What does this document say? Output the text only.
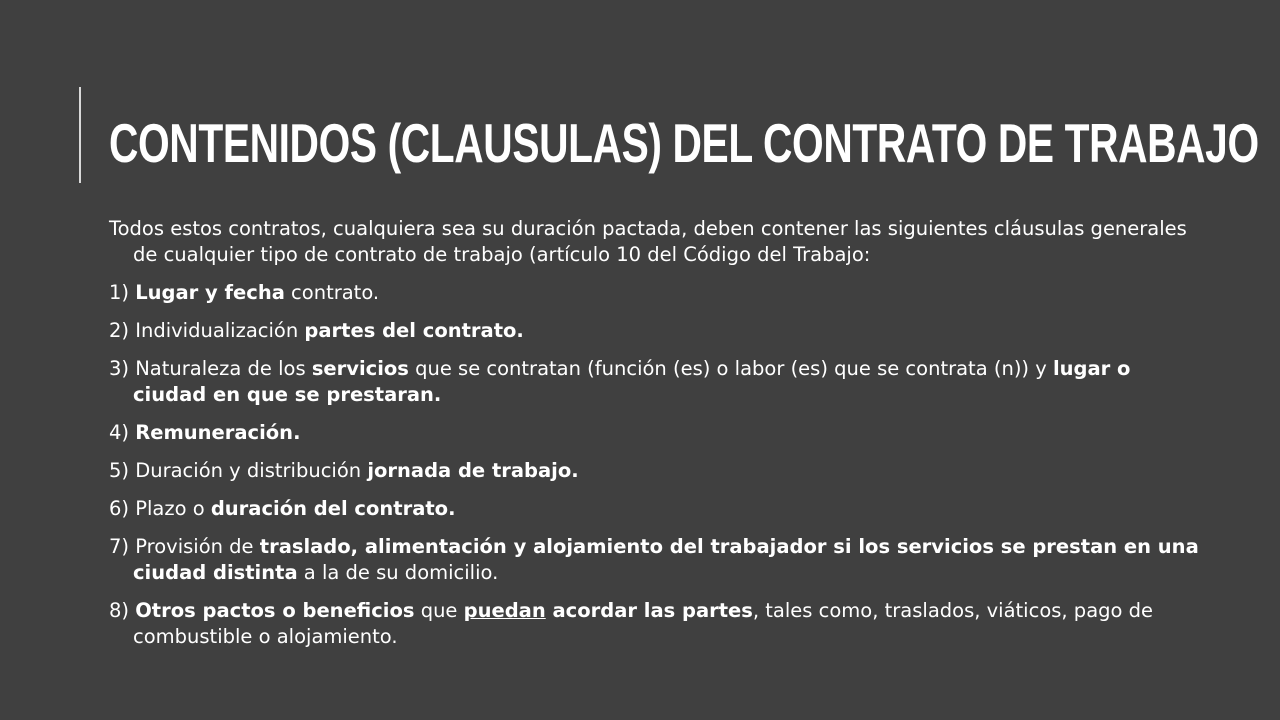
CONTENIDOS (CLAUSULAS) DEL CONTRATO DE TRABAJO

Todos estos contratos, cualquiera sea su duración pactada, deben contener las siguientes cláusulas generales de cualquier tipo de contrato de trabajo (artículo 10 del Código del Trabajo:

1) Lugar y fecha contrato.

2) Individualización partes del contrato.

3) Naturaleza de los servicios que se contratan (función (es) o labor (es) que se contrata (n)) y lugar o ciudad en que se prestaran.

4) Remuneración.

5) Duración y distribución jornada de trabajo.

6) Plazo o duración del contrato.

7) Provisión de traslado, alimentación y alojamiento del trabajador si los servicios se prestan en una ciudad distinta a la de su domicilio.

8) Otros pactos o beneficios que puedan acordar las partes, tales como, traslados, viáticos, pago de combustible o alojamiento.
